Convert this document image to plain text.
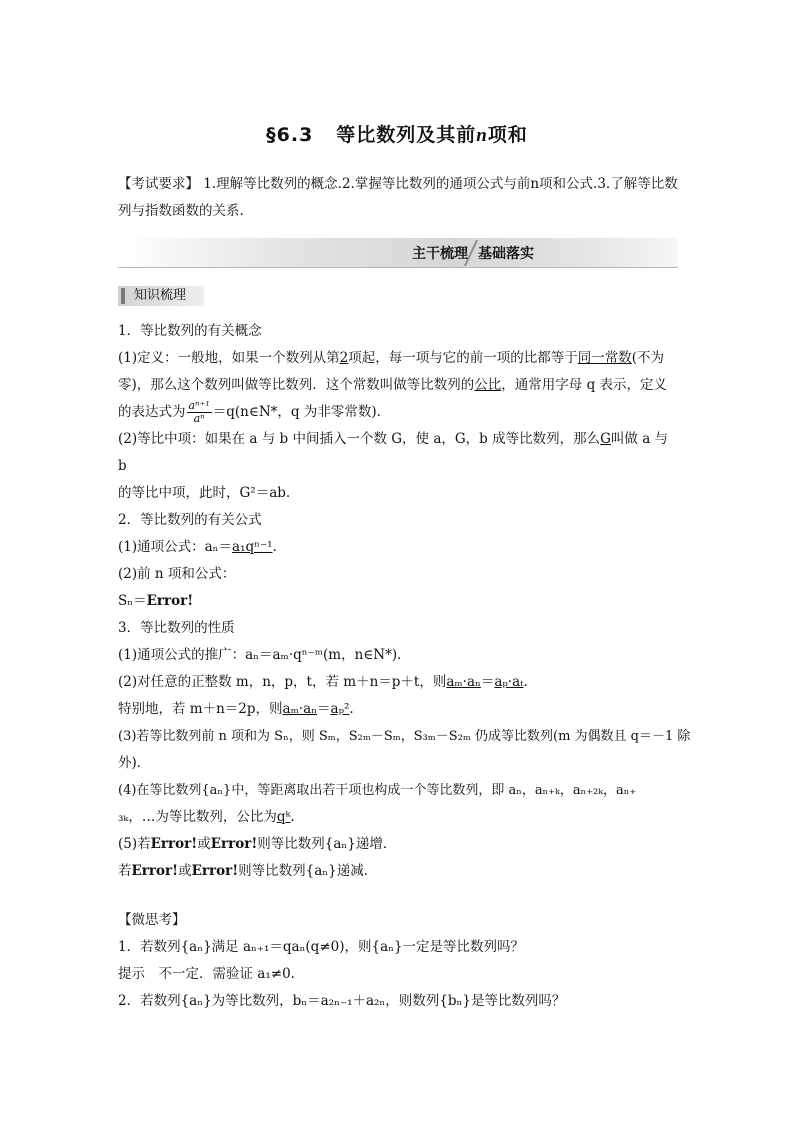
§6.3 等比数列及其前n项和
【考试要求】 1.理解等比数列的概念.2.掌握等比数列的通项公式与前n项和公式.3.了解等比数列与指数函数的关系.
主干梳理 基础落实
知识梳理

1．等比数列的有关概念

(1)定义：一般地，如果一个数列从第2项起，每一项与它的前一项的比都等于同一常数(不为零)，那么这个数列叫做等比数列．这个常数叫做等比数列的公比，通常用字母 q 表示，定义的表达式为 $\frac{\text{aⁿ⁺¹}}{\text{aⁿ}}$ ＝q(n∈N*，q 为非零常数)．

(2)等比中项：如果在 a 与 b 中间插入一个数 G，使 a，G，b 成等比数列，那么G叫做 a 与 b

的等比中项，此时，G²＝ab.

2．等比数列的有关公式

(1)通项公式：aₙ＝a₁qⁿ⁻¹.

(2)前 n 项和公式：

Sₙ＝Error!

3．等比数列的性质

(1)通项公式的推广：aₙ＝aₘ·qⁿ⁻ᵐ(m，n∈N*)．

(2)对任意的正整数 m，n，p，t，若 m＋n＝p＋t，则aₘ·aₙ＝aₚ·aₜ.

特别地，若 m＋n＝2p，则aₘ·aₙ＝aₚ².

(3)若等比数列前 n 项和为 Sₙ，则 Sₘ，S₂ₘ－Sₘ，S₃ₘ－S₂ₘ 仍成等比数列(m 为偶数且 q＝－1 除

外)．

(4)在等比数列{aₙ}中，等距离取出若干项也构成一个等比数列，即 aₙ，aₙ₊ₖ，aₙ₊₂ₖ，aₙ₊

₃ₖ，…为等比数列，公比为qᵏ.

(5)若Error!或Error!则等比数列{aₙ}递增．

若Error!或Error!则等比数列{aₙ}递减．

【微思考】

1．若数列{aₙ}满足 aₙ₊₁＝qaₙ(q≠0)，则{aₙ}一定是等比数列吗？

提示　不一定．需验证 a₁≠0.

2．若数列{aₙ}为等比数列，bₙ＝a₂ₙ₋₁＋a₂ₙ，则数列{bₙ}是等比数列吗？
